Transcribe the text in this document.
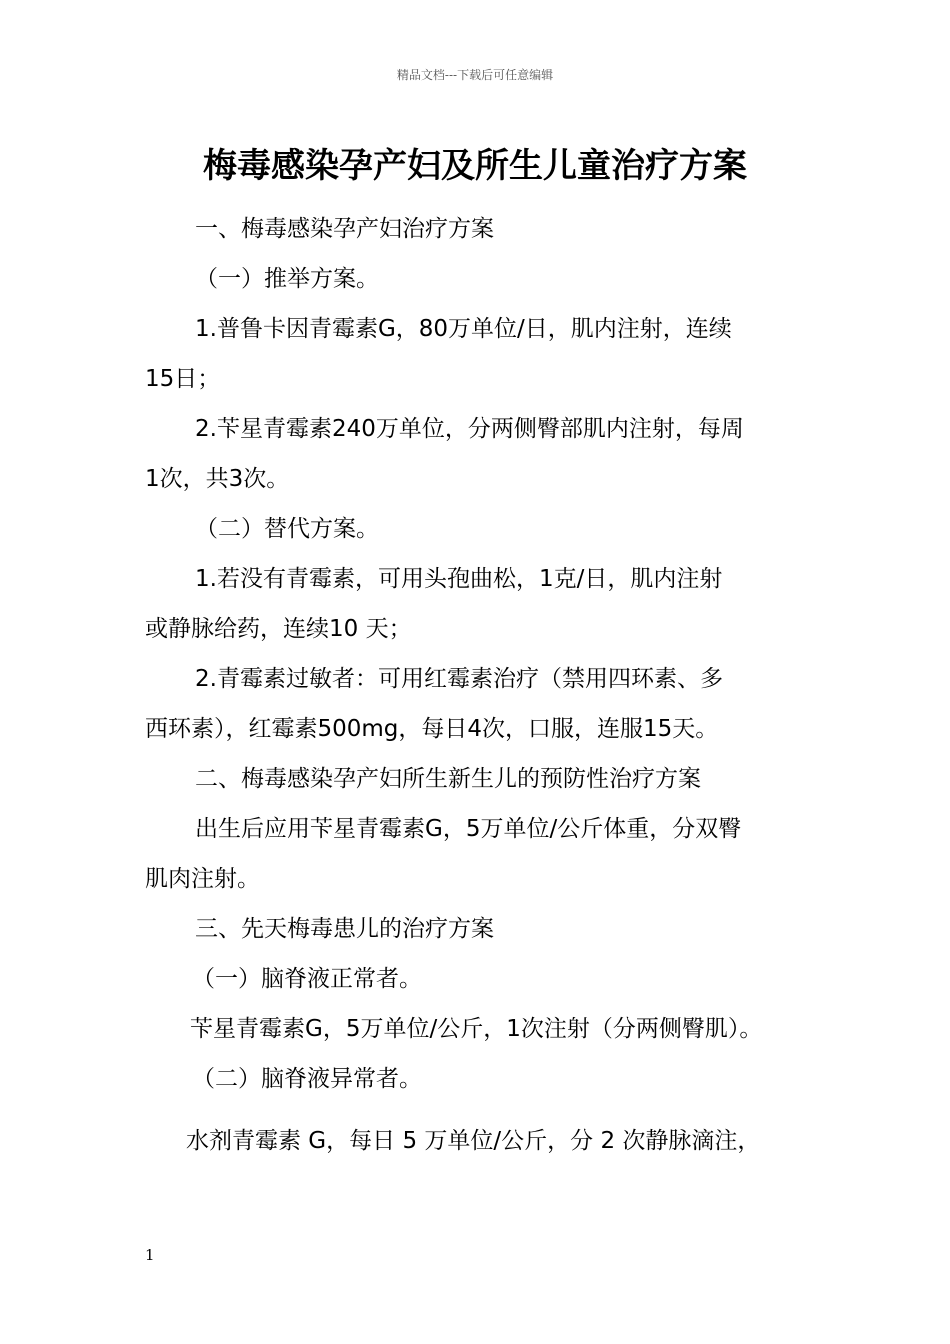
精品文档---下载后可任意编辑
梅毒感染孕产妇及所生儿童治疗方案
一、梅毒感染孕产妇治疗方案
（一）推举方案。
1.普鲁卡因青霉素G，80万单位/日，肌内注射，连续
15日；
2.苄星青霉素240万单位，分两侧臀部肌内注射，每周
1次，共3次。
（二）替代方案。
1.若没有青霉素，可用头孢曲松，1克/日，肌内注射
或静脉给药，连续10 天；
2.青霉素过敏者：可用红霉素治疗（禁用四环素、多
西环素），红霉素500mg，每日4次，口服，连服15天。
二、梅毒感染孕产妇所生新生儿的预防性治疗方案
出生后应用苄星青霉素G，5万单位/公斤体重，分双臀
肌肉注射。
三、先天梅毒患儿的治疗方案
（一）脑脊液正常者。
苄星青霉素G，5万单位/公斤，1次注射（分两侧臀肌）。
（二）脑脊液异常者。
水剂青霉素 G，每日 5 万单位/公斤，分 2 次静脉滴注，
1
